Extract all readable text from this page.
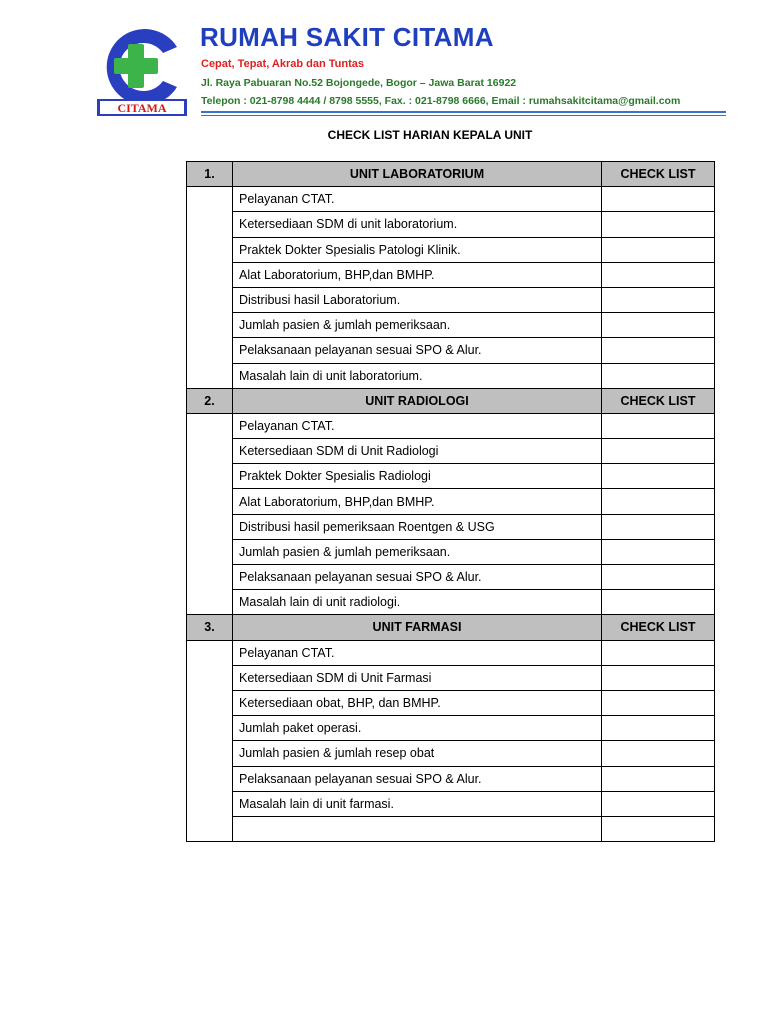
CITAMA
RUMAH SAKIT CITAMA
Cepat, Tepat, Akrab dan Tuntas
Jl. Raya Pabuaran No.52 Bojongede, Bogor – Jawa Barat 16922
Telepon : 021-8798 4444 / 8798 5555, Fax. : 021-8798 6666, Email : rumahsakitcitama@gmail.com
CHECK LIST HARIAN KEPALA UNIT
1.	UNIT LABORATORIUM	CHECK LIST
	Pelayanan CTAT.	
	Ketersediaan SDM di unit laboratorium.	
	Praktek Dokter Spesialis Patologi Klinik.	
	Alat Laboratorium, BHP,dan BMHP.	
	Distribusi hasil Laboratorium.	
	Jumlah pasien & jumlah pemeriksaan.	
	Pelaksanaan pelayanan sesuai SPO & Alur.	
	Masalah lain di unit laboratorium.	
2.	UNIT RADIOLOGI	CHECK LIST
	Pelayanan CTAT.	
	Ketersediaan SDM di Unit Radiologi	
	Praktek Dokter Spesialis Radiologi	
	Alat Laboratorium, BHP,dan BMHP.	
	Distribusi hasil pemeriksaan Roentgen & USG	
	Jumlah pasien & jumlah pemeriksaan.	
	Pelaksanaan pelayanan sesuai SPO & Alur.	
	Masalah lain di unit radiologi.	
3.	UNIT FARMASI	CHECK LIST
	Pelayanan CTAT.	
	Ketersediaan SDM di Unit Farmasi	
	Ketersediaan obat, BHP, dan BMHP.	
	Jumlah paket operasi.	
	Jumlah pasien & jumlah resep obat	
	Pelaksanaan pelayanan sesuai SPO & Alur.	
	Masalah lain di unit farmasi.	
